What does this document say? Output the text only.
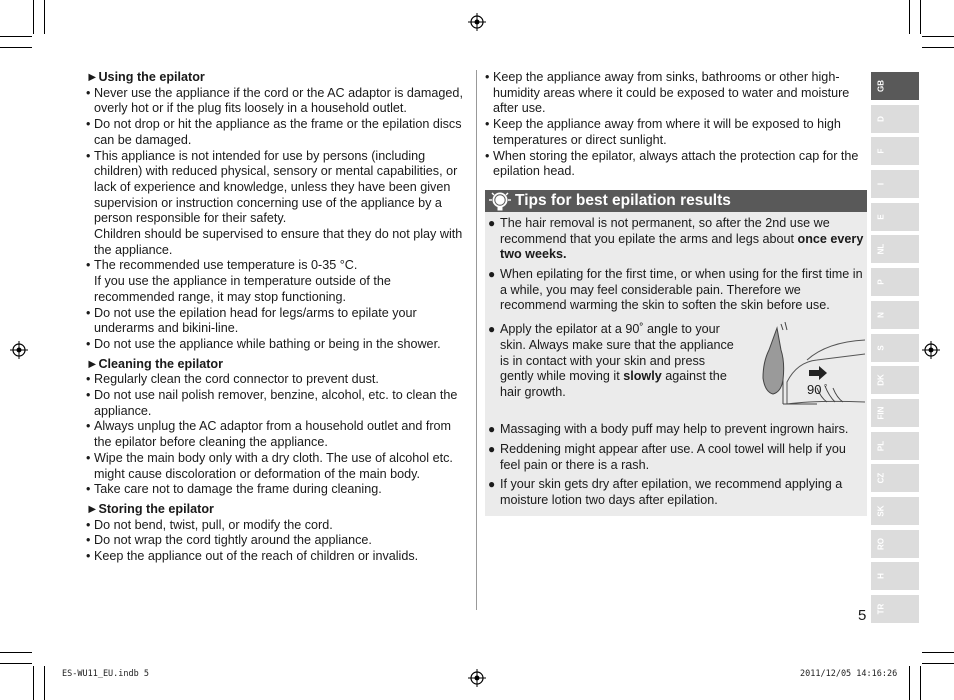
►Using the epilator

• Never use the appliance if the cord or the AC adaptor is damaged, overly hot or if the plug fits loosely in a household outlet.
• Do not drop or hit the appliance as the frame or the epilation discs can be damaged.
• This appliance is not intended for use by persons (including children) with reduced physical, sensory or mental capabilities, or lack of experience and knowledge, unless they have been given supervision or instruction concerning use of the appliance by a person responsible for their safety.
Children should be supervised to ensure that they do not play with the appliance.
• The recommended use temperature is 0-35 °C.
If you use the appliance in temperature outside of the recommended range, it may stop functioning.
• Do not use the epilation head for legs/arms to epilate your underarms and bikini-line.
• Do not use the appliance while bathing or being in the shower.

►Cleaning the epilator

• Regularly clean the cord connector to prevent dust.
• Do not use nail polish remover, benzine, alcohol, etc. to clean the appliance.
• Always unplug the AC adaptor from a household outlet and from the epilator before cleaning the appliance.
• Wipe the main body only with a dry cloth. The use of alcohol etc. might cause discoloration or deformation of the main body.
• Take care not to damage the frame during cleaning.

►Storing the epilator

• Do not bend, twist, pull, or modify the cord.
• Do not wrap the cord tightly around the appliance.
• Keep the appliance out of the reach of children or invalids.
• Keep the appliance away from sinks, bathrooms or other high-humidity areas where it could be exposed to water and moisture after use.
• Keep the appliance away from where it will be exposed to high temperatures or direct sunlight.
• When storing the epilator, always attach the protection cap for the epilation head.
Tips for best epilation results
● The hair removal is not permanent, so after the 2nd use we recommend that you epilate the arms and legs about once every two weeks.
● When epilating for the first time, or when using for the first time in a while, you may feel considerable pain. Therefore we recommend warming the skin to soften the skin before use.
● Apply the epilator at a 90˚ angle to your skin. Always make sure that the appliance is in contact with your skin and press gently while moving it slowly against the hair growth.	90 °
● Massaging with a body puff may help to prevent ingrown hairs.
● Reddening might appear after use. A cool towel will help if you feel pain or there is a rash.
● If your skin gets dry after epilation, we recommend applying a moisture lotion two days after epilation.
GB
D
F
I
E
NL
P
N
S
DK
FIN
PL
CZ
SK
RO
H
TR
5
ES-WU11_EU.indb 5	2011/12/05 14:16:26
